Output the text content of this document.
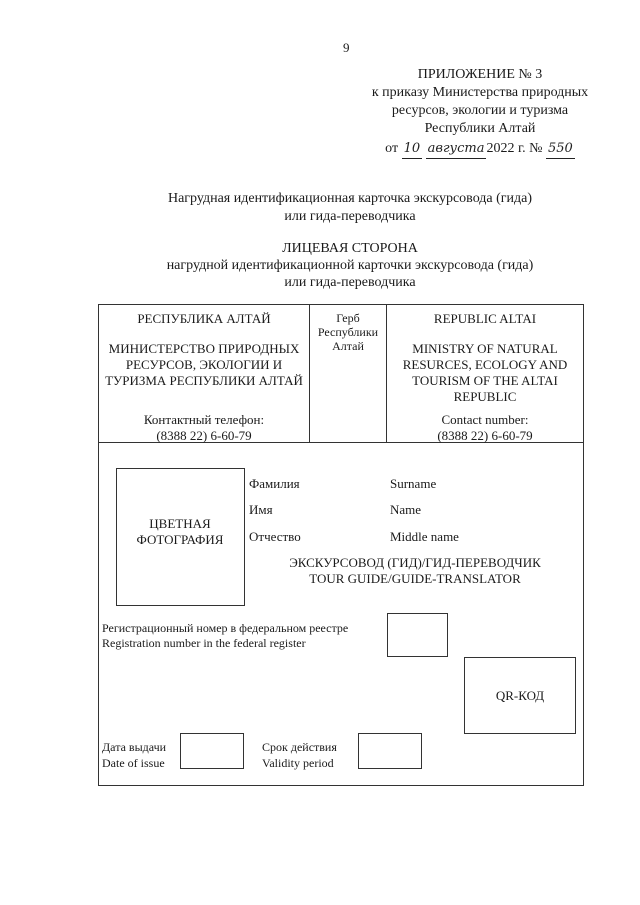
9
ПРИЛОЖЕНИЕ № 3
к приказу Министерства природных
ресурсов, экологии и туризма
Республики Алтай
от 10 августа 2022 г. № 550
Нагрудная идентификационная карточка экскурсовода (гида)
или гида-переводчика
ЛИЦЕВАЯ СТОРОНА
нагрудной идентификационной карточки экскурсовода (гида)
или гида-переводчика
РЕСПУБЛИКА АЛТАЙ
МИНИСТЕРСТВО ПРИРОДНЫХ
РЕСУРСОВ, ЭКОЛОГИИ И
ТУРИЗМА РЕСПУБЛИКИ АЛТАЙ
Контактный телефон:
(8388 22) 6-60-79
Герб
Республики
Алтай
REPUBLIC ALTAI
MINISTRY OF NATURAL
RESURCES, ECOLOGY AND
TOURISM OF THE ALTAI
REPUBLIC
Contact number:
(8388 22) 6-60-79
ЦВЕТНАЯ
ФОТОГРАФИЯ
Фамилия
Имя
Отчество
Surname
Name
Middle name
ЭКСКУРСОВОД (ГИД)/ГИД-ПЕРЕВОДЧИК
TOUR GUIDE/GUIDE-TRANSLATOR
Регистрационный номер в федеральном реестре
Registration number in the federal register
QR-КОД
Дата выдачи
Date of issue
Срок действия
Validity period
